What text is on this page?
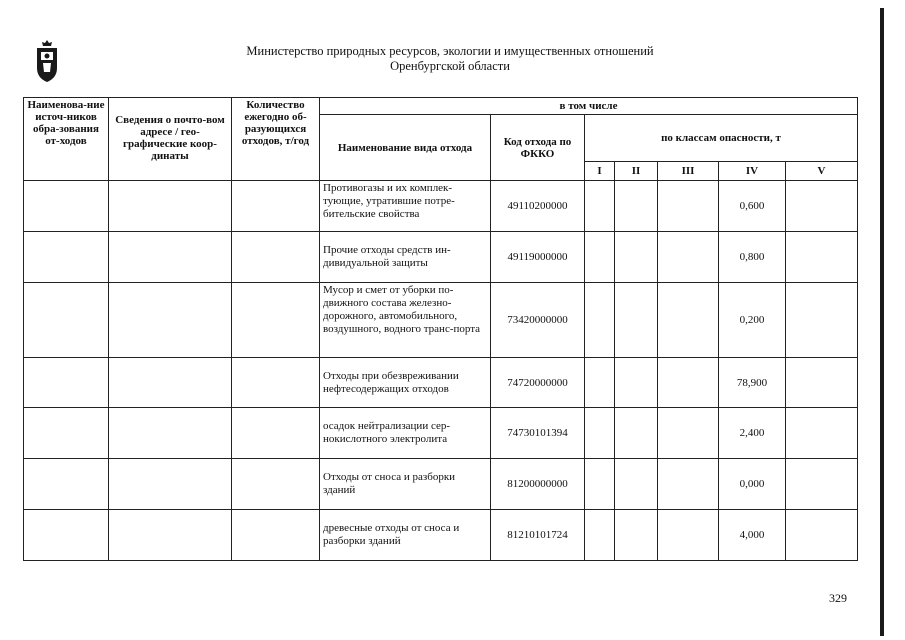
Министерство природных ресурсов, экологии и имущественных отношений
Оренбургской области
Наименова-ние источ-ников обра-зования от-ходов	Сведения о почто-вом адресе / гео-графические коор-динаты	Количество ежегодно об-разующихся отходов, т/год	в том числе						
			Наименование вида отхода	Код отхода по ФККО	по классам опасности, т				
					I	II	III	IV	V
			Противогазы и их комплек-тующие, утратившие потре-бительские свойства	49110200000				0,600	
			Прочие отходы средств ин-дивидуальной защиты	49119000000				0,800	
			Мусор и смет от уборки по-движного состава железно-дорожного, автомобильного, воздушного, водного транс-порта	73420000000				0,200	
			Отходы при обезвреживании нефтесодержащих отходов	74720000000				78,900	
			осадок нейтрализации сер-нокислотного электролита	74730101394				2,400	
			Отходы от сноса и разборки зданий	81200000000				0,000	
			древесные отходы от сноса и разборки зданий	81210101724				4,000	
329
